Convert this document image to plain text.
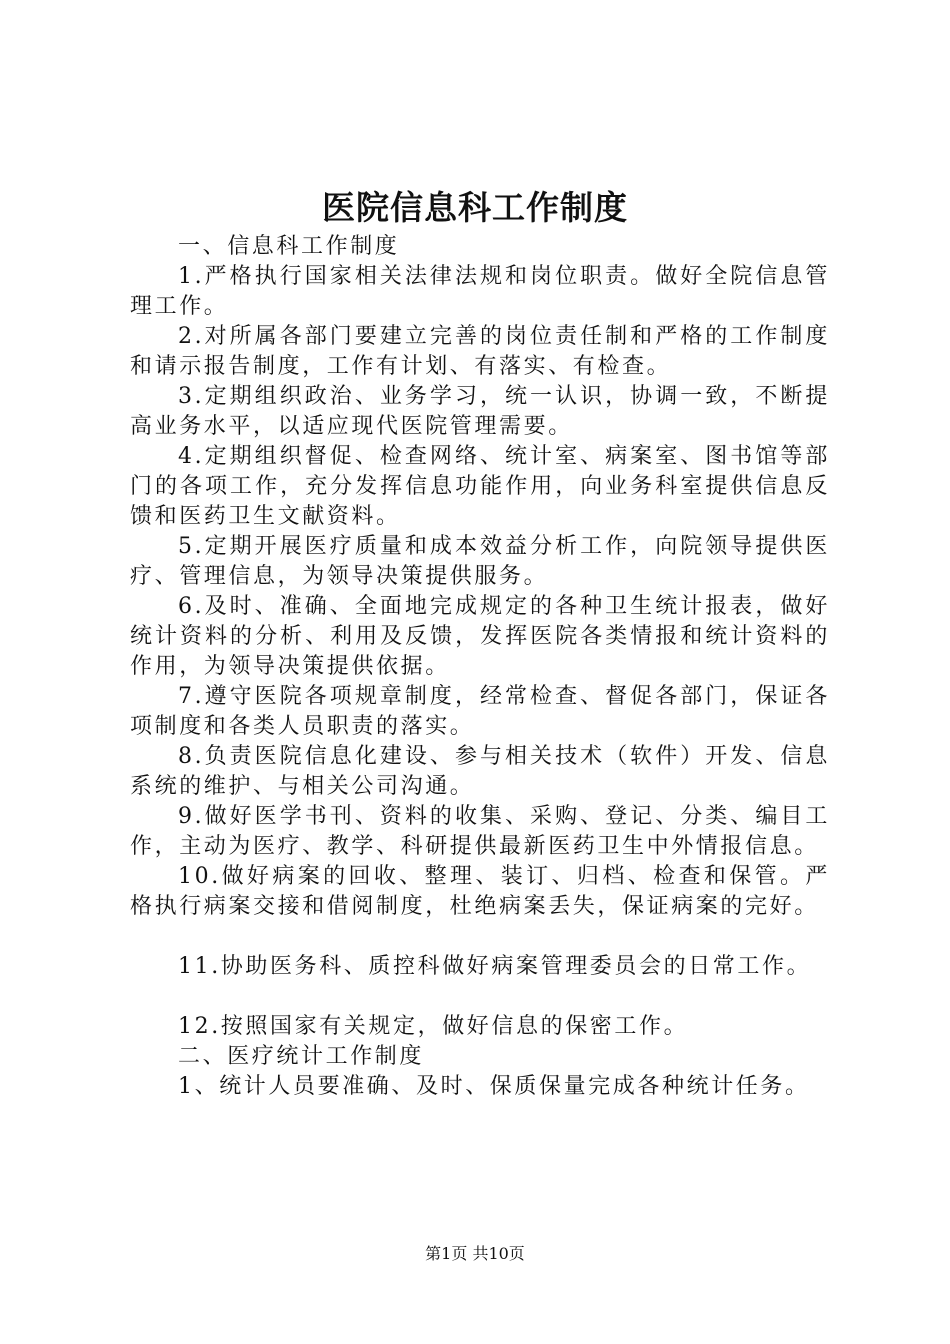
医院信息科工作制度

一、信息科工作制度

1.严格执行国家相关法律法规和岗位职责。做好全院信息管理工作。

2.对所属各部门要建立完善的岗位责任制和严格的工作制度和请示报告制度，工作有计划、有落实、有检查。

3.定期组织政治、业务学习，统一认识，协调一致，不断提高业务水平，以适应现代医院管理需要。

4.定期组织督促、检查网络、统计室、病案室、图书馆等部门的各项工作，充分发挥信息功能作用，向业务科室提供信息反馈和医药卫生文献资料。

5.定期开展医疗质量和成本效益分析工作，向院领导提供医疗、管理信息，为领导决策提供服务。

6.及时、准确、全面地完成规定的各种卫生统计报表，做好统计资料的分析、利用及反馈，发挥医院各类情报和统计资料的作用，为领导决策提供依据。

7.遵守医院各项规章制度，经常检查、督促各部门，保证各项制度和各类人员职责的落实。

8.负责医院信息化建设、参与相关技术（软件）开发、信息系统的维护、与相关公司沟通。

9.做好医学书刊、资料的收集、采购、登记、分类、编目工作，主动为医疗、教学、科研提供最新医药卫生中外情报信息。

10.做好病案的回收、整理、装订、归档、检查和保管。严格执行病案交接和借阅制度，杜绝病案丢失，保证病案的完好。

11.协助医务科、质控科做好病案管理委员会的日常工作。

12.按照国家有关规定，做好信息的保密工作。

二、医疗统计工作制度

1、统计人员要准确、及时、保质保量完成各种统计任务。

第1页 共10页
